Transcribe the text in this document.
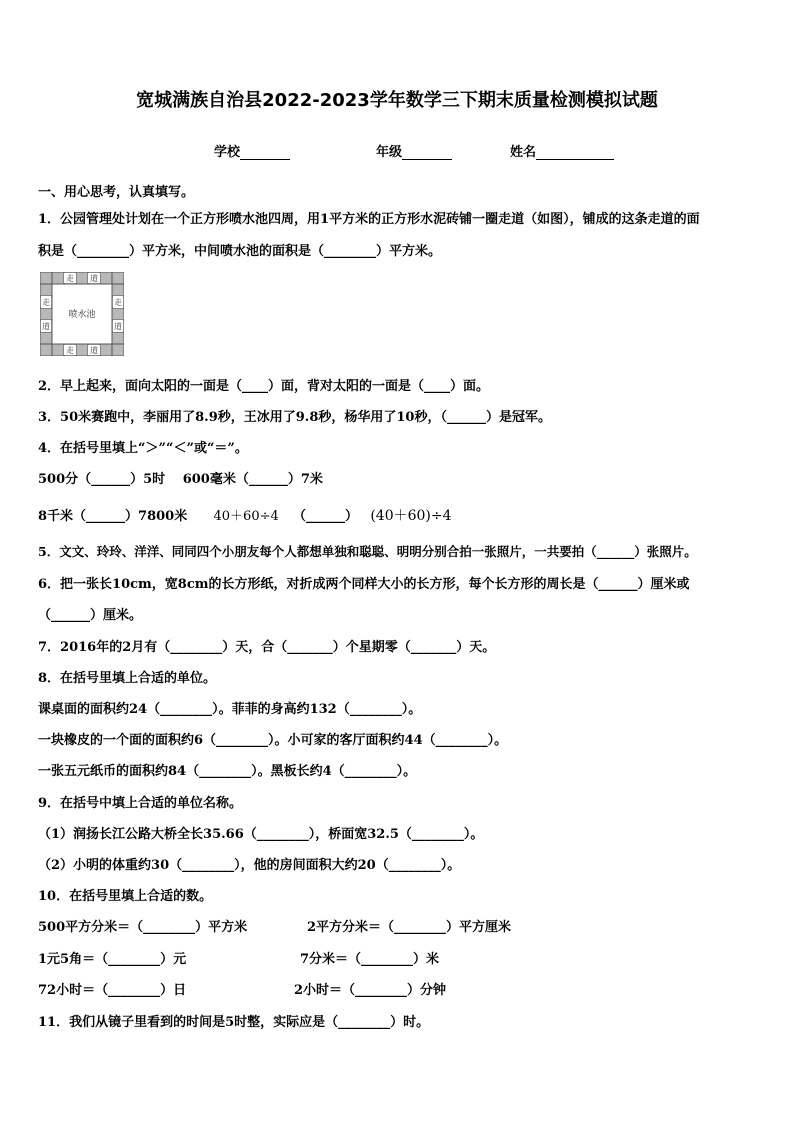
宽城满族自治县2022-2023学年数学三下期末质量检测模拟试题
学校	年级	姓名
一、用心思考，认真填写。
1．公园管理处计划在一个正方形喷水池四周，用1平方米的正方形水泥砖铺一圈走道（如图），铺成的这条走道的面
积是（________）平方米，中间喷水池的面积是（________）平方米。
走 道
走 道
走
道
走
道
喷水池
2．早上起来，面向太阳的一面是（____）面，背对太阳的一面是（____）面。
3．50米赛跑中，李丽用了8.9秒，王冰用了9.8秒，杨华用了10秒，（______）是冠军。
4．在括号里填上“＞”“＜”或“＝”。
500分（______）5时　 600毫米（______）7米
8千米（______）7800米 40＋60÷4 （______） (40＋60)÷4
5．文文、玲玲、洋洋、同同四个小朋友每个人都想单独和聪聪、明明分别合拍一张照片，一共要拍（______）张照片。
6．把一张长10cm，宽8cm的长方形纸，对折成两个同样大小的长方形，每个长方形的周长是（______）厘米或
（______）厘米。
7．2016年的2月有（________）天，合（_______）个星期零（_______）天。
8．在括号里填上合适的单位。
课桌面的面积约24（________）。菲菲的身高约132（________）。
一块橡皮的一个面的面积约6（________）。小可家的客厅面积约44（________）。
一张五元纸币的面积约84（________）。黑板长约4（________）。
9．在括号中填上合适的单位名称。
（1）润扬长江公路大桥全长35.66（________），桥面宽32.5（________）。
（2）小明的体重约30（________），他的房间面积大约20（________）。
10．在括号里填上合适的数。
500平方分米＝（________）平方米	2平方分米＝（________）平方厘米
1元5角＝（________）元	7分米＝（________）米
72小时＝（________）日	2小时＝（________）分钟
11．我们从镜子里看到的时间是5时整，实际应是（________）时。
